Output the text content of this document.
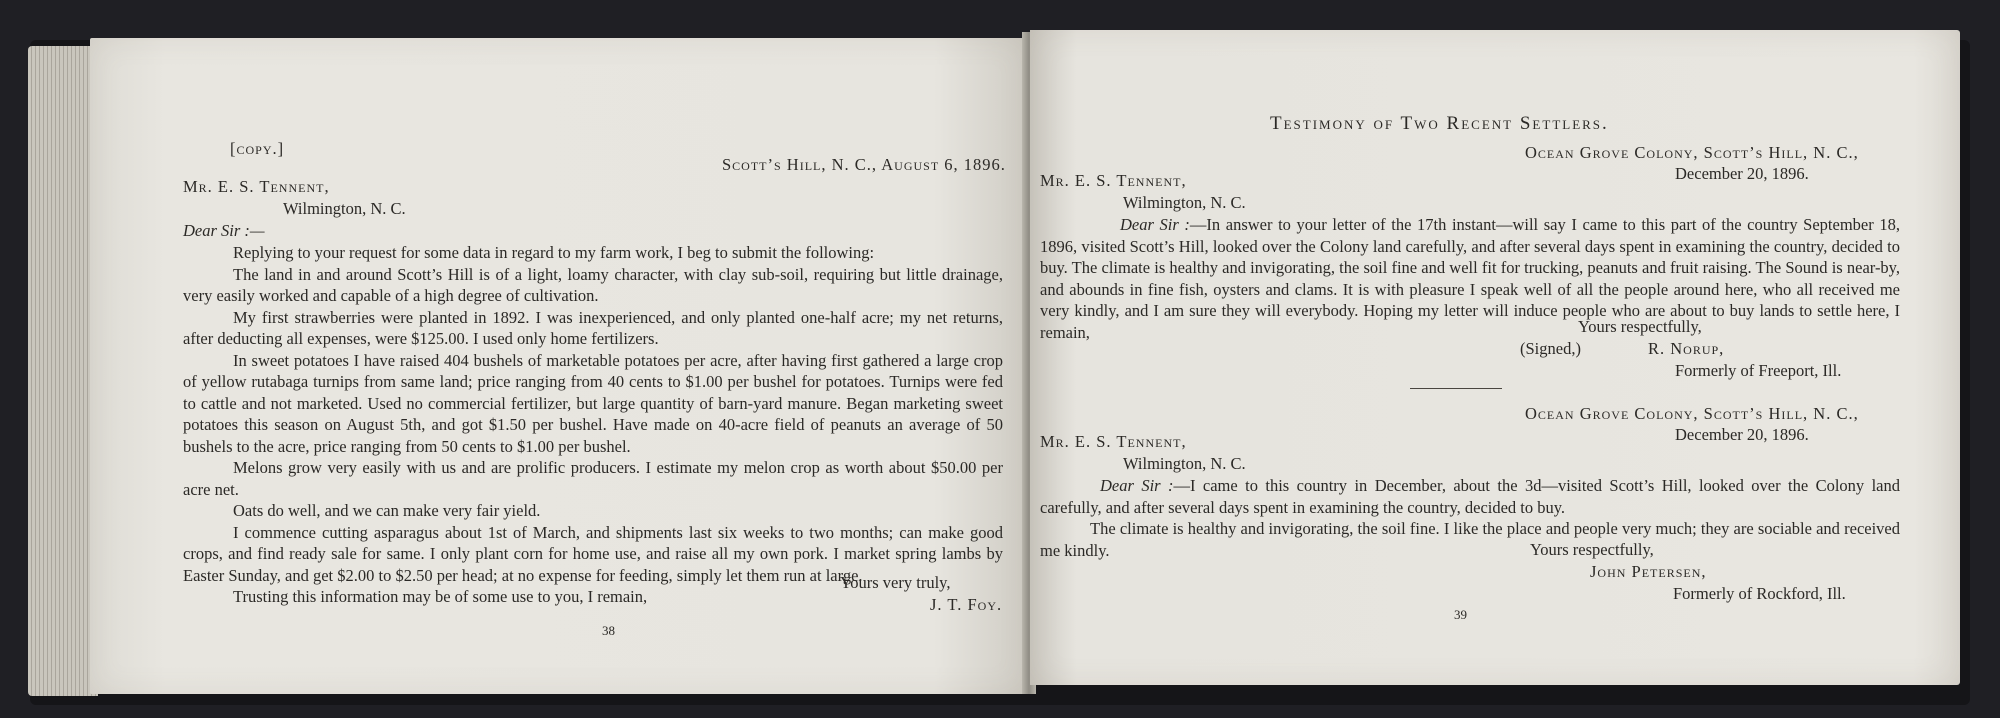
[copy.]
Scott’s Hill, N. C., August 6, 1896.
Mr. E. S. Tennent,
Wilmington, N. C.
Dear Sir :—

Replying to your request for some data in regard to my farm work, I beg to submit the following:

The land in and around Scott’s Hill is of a light, loamy character, with clay sub-soil, requiring but little drainage, very easily worked and capable of a high degree of cultivation.

My first strawberries were planted in 1892. I was inexperienced, and only planted one-half acre; my net returns, after deducting all expenses, were $125.00. I used only home fertilizers.

In sweet potatoes I have raised 404 bushels of marketable potatoes per acre, after having first gathered a large crop of yellow rutabaga turnips from same land; price ranging from 40 cents to $1.00 per bushel for potatoes. Turnips were fed to cattle and not marketed. Used no commercial fertilizer, but large quantity of barn-yard manure. Began marketing sweet potatoes this season on August 5th, and got $1.50 per bushel. Have made on 40-acre field of peanuts an average of 50 bushels to the acre, price ranging from 50 cents to $1.00 per bushel.

Melons grow very easily with us and are prolific producers. I estimate my melon crop as worth about $50.00 per acre net.

Oats do well, and we can make very fair yield.

I commence cutting asparagus about 1st of March, and shipments last six weeks to two months; can make good crops, and find ready sale for same. I only plant corn for home use, and raise all my own pork. I market spring lambs by Easter Sunday, and get $2.00 to $2.50 per head; at no expense for feeding, simply let them run at large.

Trusting this information may be of some use to you, I remain,

Yours very truly,
J. T. Foy.
38
Testimony of Two Recent Settlers.
Ocean Grove Colony, Scott’s Hill, N. C.,
December 20, 1896.
Mr. E. S. Tennent,
Wilmington, N. C.
Dear Sir :—In answer to your letter of the 17th instant—will say I came to this part of the country September 18, 1896, visited Scott’s Hill, looked over the Colony land carefully, and after several days spent in examining the country, decided to buy. The climate is healthy and invigorating, the soil fine and well fit for trucking, peanuts and fruit raising. The Sound is near-by, and abounds in fine fish, oysters and clams. It is with pleasure I speak well of all the people around here, who all received me very kindly, and I am sure they will everybody. Hoping my letter will induce people who are about to buy lands to settle here, I remain,	Yours respectfully,
(Signed,)	R. Norup,
Formerly of Freeport, Ill.
Ocean Grove Colony, Scott’s Hill, N. C.,
December 20, 1896.
Mr. E. S. Tennent,
Wilmington, N. C.

Dear Sir :—I came to this country in December, about the 3d—visited Scott’s Hill, looked over the Colony land carefully, and after several days spent in examining the country, decided to buy.

The climate is healthy and invigorating, the soil fine. I like the place and people very much; they are sociable and received me kindly.	Yours respectfully,
John Petersen,
Formerly of Rockford, Ill.
39
